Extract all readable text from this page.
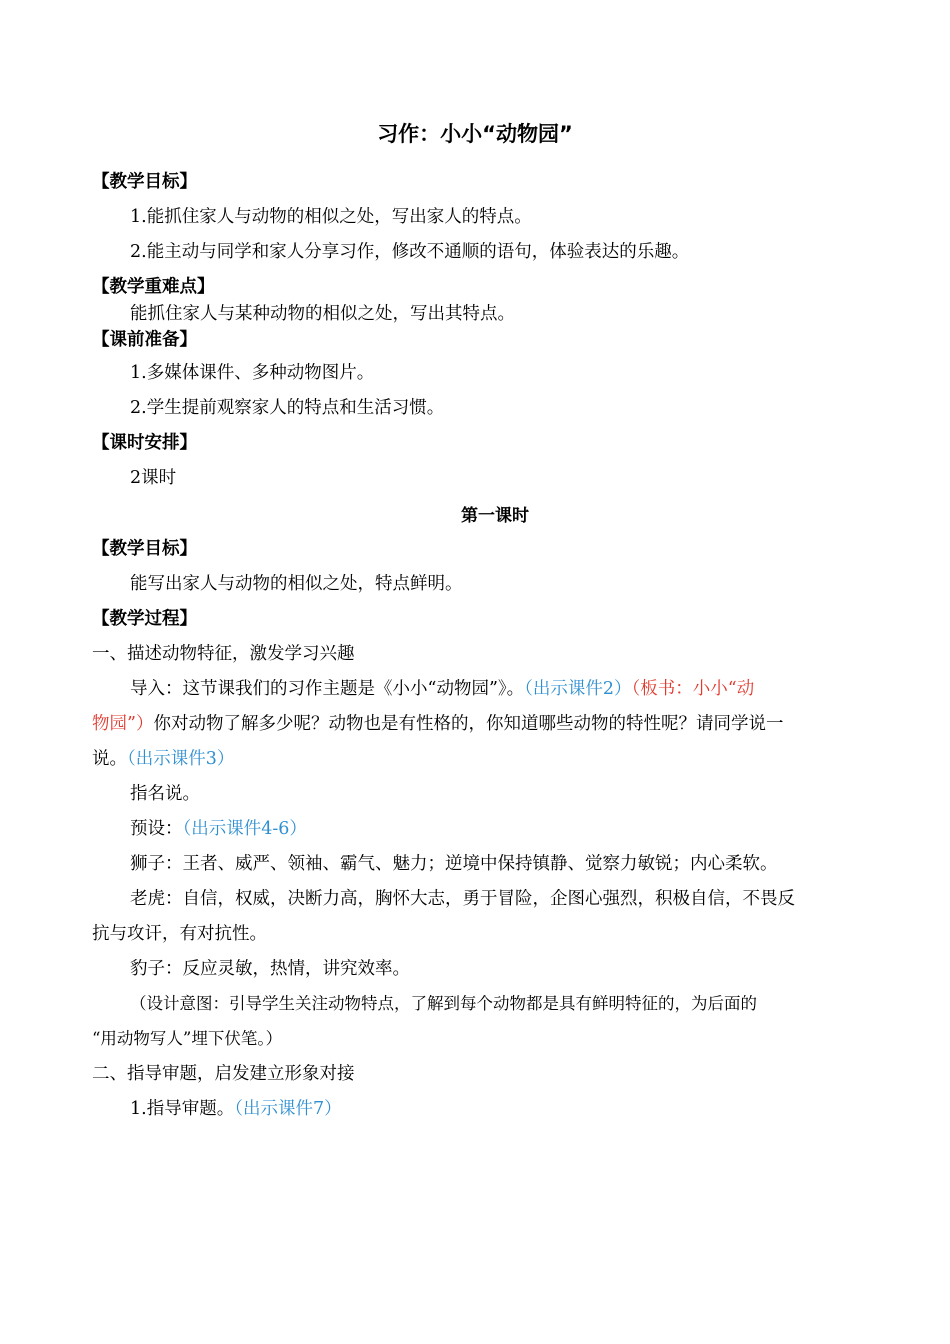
习作：小小“动物园”
【教学目标】
1.能抓住家人与动物的相似之处，写出家人的特点。
2.能主动与同学和家人分享习作，修改不通顺的语句，体验表达的乐趣。
【教学重难点】
能抓住家人与某种动物的相似之处，写出其特点。
【课前准备】
1.多媒体课件、多种动物图片。
2.学生提前观察家人的特点和生活习惯。
【课时安排】
2课时
第一课时
【教学目标】
能写出家人与动物的相似之处，特点鲜明。
【教学过程】
一、描述动物特征，激发学习兴趣
导入：这节课我们的习作主题是《小小“动物园”》。（出示课件2）（板书：小小“动
物园”）你对动物了解多少呢？动物也是有性格的，你知道哪些动物的特性呢？请同学说一
说。（出示课件3）
指名说。
预设：（出示课件4-6）
狮子：王者、威严、领袖、霸气、魅力；逆境中保持镇静、觉察力敏锐；内心柔软。
老虎：自信，权威，决断力高，胸怀大志，勇于冒险，企图心强烈，积极自信，不畏反
抗与攻讦，有对抗性。
豹子：反应灵敏，热情，讲究效率。
（设计意图：引导学生关注动物特点，了解到每个动物都是具有鲜明特征的，为后面的
“用动物写人”埋下伏笔。）
二、指导审题，启发建立形象对接
1.指导审题。（出示课件7）
